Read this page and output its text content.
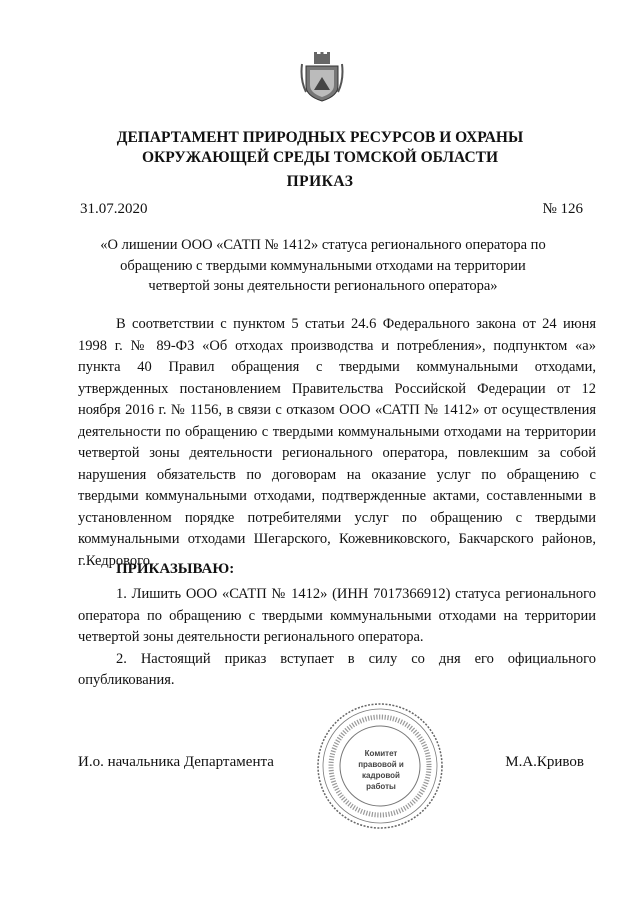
ДЕПАРТАМЕНТ ПРИРОДНЫХ РЕСУРСОВ И ОХРАНЫ ОКРУЖАЮЩЕЙ СРЕДЫ ТОМСКОЙ ОБЛАСТИ
ПРИКАЗ
31.07.2020	№ 126
«О лишении ООО «САТП № 1412» статуса регионального оператора по обращению с твердыми коммунальными отходами на территории четвертой зоны деятельности регионального оператора»

В соответствии с пунктом 5 статьи 24.6 Федерального закона от 24 июня 1998 г. № 89-ФЗ «Об отходах производства и потребления», подпунктом «а» пункта 40 Правил обращения с твердыми коммунальными отходами, утвержденных постановлением Правительства Российской Федерации от 12 ноября 2016 г. № 1156, в связи с отказом ООО «САТП № 1412» от осуществления деятельности по обращению с твердыми коммунальными отходами на территории четвертой зоны деятельности регионального оператора, повлекшим за собой нарушения обязательств по договорам на оказание услуг по обращению с твердыми коммунальными отходами, подтвержденные актами, составленными в установленном порядке потребителями услуг по обращению с твердыми коммунальными отходами Шегарского, Кожевниковского, Бакчарского районов, г.Кедрового,

ПРИКАЗЫВАЮ:

1. Лишить ООО «САТП № 1412» (ИНН 7017366912) статуса регионального оператора по обращению с твердыми коммунальными отходами на территории четвертой зоны деятельности регионального оператора.

2. Настоящий приказ вступает в силу со дня его официального опубликования.

И.о. начальника Департамента	М.А.Кривов
Комитет правовой и кадровой работы
